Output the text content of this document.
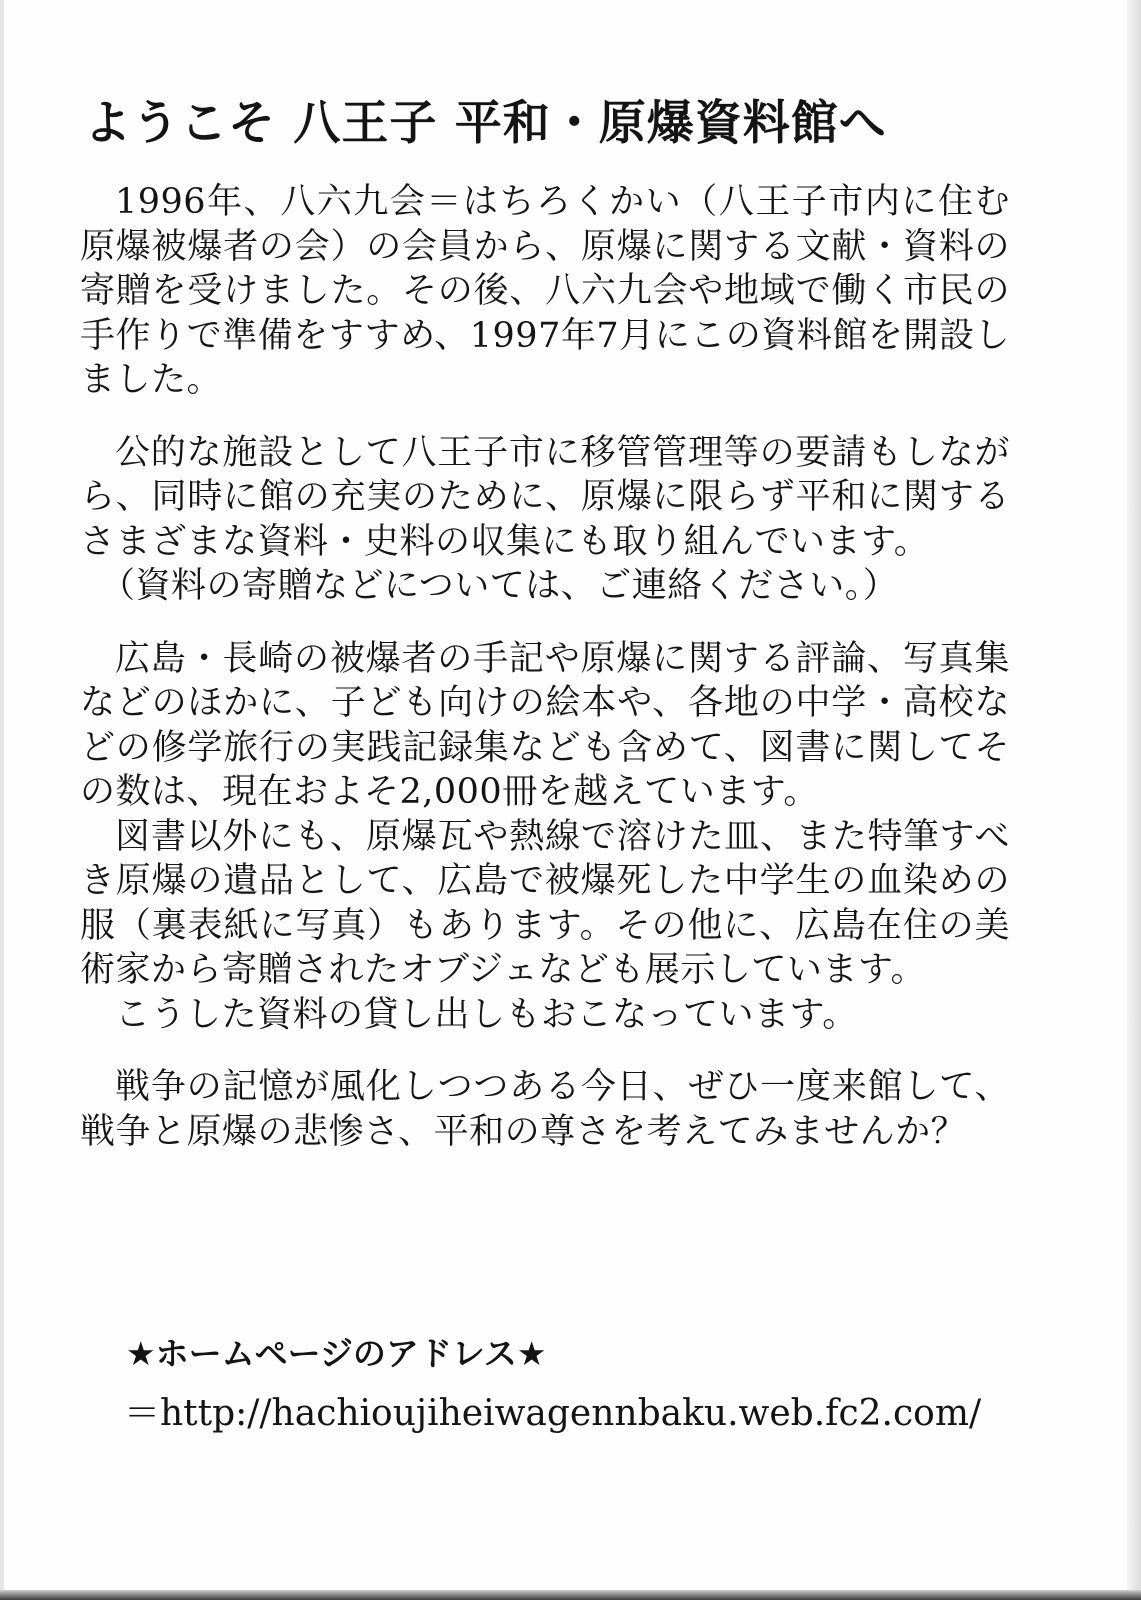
ようこそ 八王子 平和・原爆資料館へ

1996年、八六九会＝はちろくかい（八王子市内に住む原爆被爆者の会）の会員から、原爆に関する文献・資料の寄贈を受けました。その後、八六九会や地域で働く市民の手作りで準備をすすめ、1997年7月にこの資料館を開設しました。

公的な施設として八王子市に移管管理等の要請もしながら、同時に館の充実のために、原爆に限らず平和に関するさまざまな資料・史料の収集にも取り組んでいます。

（資料の寄贈などについては、ご連絡ください。）

広島・長崎の被爆者の手記や原爆に関する評論、写真集などのほかに、子ども向けの絵本や、各地の中学・高校などの修学旅行の実践記録集なども含めて、図書に関してその数は、現在およそ2,000冊を越えています。

図書以外にも、原爆瓦や熱線で溶けた皿、また特筆すべき原爆の遺品として、広島で被爆死した中学生の血染めの服（裏表紙に写真）もあります。その他に、広島在住の美術家から寄贈されたオブジェなども展示しています。

こうした資料の貸し出しもおこなっています。

戦争の記憶が風化しつつある今日、ぜひ一度来館して、戦争と原爆の悲惨さ、平和の尊さを考えてみませんか？

★ホームページのアドレス★
＝http://hachioujiheiwagennbaku.web.fc2.com/
